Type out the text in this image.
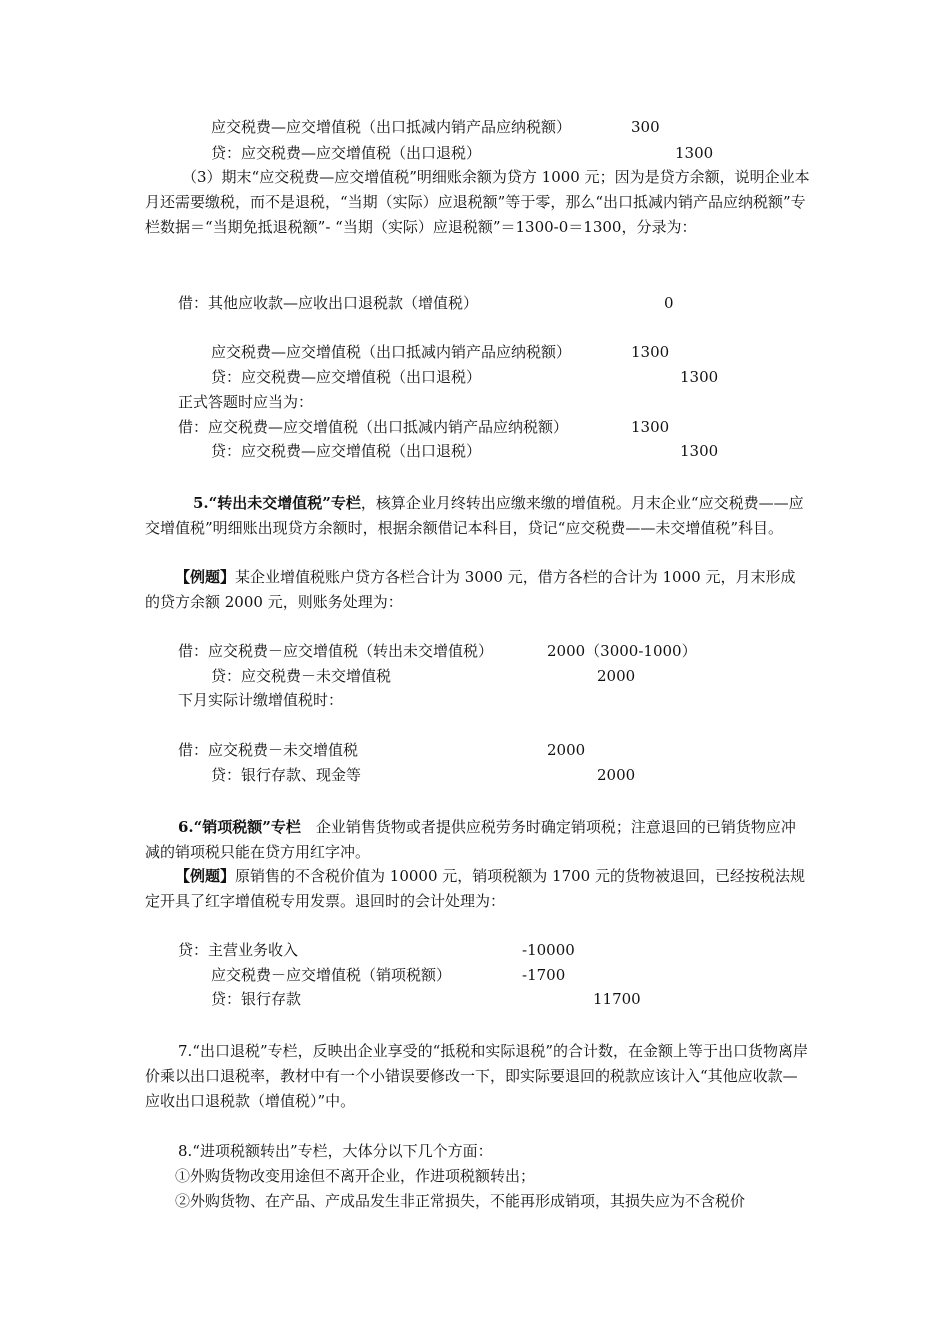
应交税费—应交增值税（出口抵减内销产品应纳税额）	300
贷：应交税费—应交增值税（出口退税）	1300
（3）期末“应交税费—应交增值税”明细账余额为贷方 1000 元；因为是贷方余额，说明企业本月还需要缴税，而不是退税，“当期（实际）应退税额”等于零，那么“出口抵减内销产品应纳税额”专栏数据＝“当期免抵退税额”- “当期（实际）应退税额”＝1300-0＝1300，分录为：
借：其他应收款—应收出口退税款（增值税）	0
应交税费—应交增值税（出口抵减内销产品应纳税额）	1300
贷：应交税费—应交增值税（出口退税）	1300
正式答题时应当为：
借：应交税费—应交增值税（出口抵减内销产品应纳税额）	1300
贷：应交税费—应交增值税（出口退税）	1300
5.“转出未交增值税”专栏，核算企业月终转出应缴来缴的增值税。月末企业“应交税费——应交增值税”明细账出现贷方余额时，根据余额借记本科目，贷记“应交税费——未交增值税”科目。
【例题】某企业增值税账户贷方各栏合计为 3000 元，借方各栏的合计为 1000 元，月末形成的贷方余额 2000 元，则账务处理为：
借：应交税费－应交增值税（转出未交增值税）	2000（3000-1000）
贷：应交税费－未交增值税	2000
下月实际计缴增值税时：
借：应交税费－未交增值税	2000
贷：银行存款、现金等	2000
6.“销项税额”专栏　企业销售货物或者提供应税劳务时确定销项税；注意退回的已销货物应冲减的销项税只能在贷方用红字冲。
【例题】原销售的不含税价值为 10000 元，销项税额为 1700 元的货物被退回，已经按税法规定开具了红字增值税专用发票。退回时的会计处理为：
贷：主营业务收入	-10000
应交税费－应交增值税（销项税额）	-1700
贷：银行存款	11700
7.“出口退税”专栏，反映出企业享受的“抵税和实际退税”的合计数，在金额上等于出口货物离岸价乘以出口退税率，教材中有一个小错误要修改一下，即实际要退回的税款应该计入“其他应收款—应收出口退税款（增值税）”中。
8.“进项税额转出”专栏，大体分以下几个方面：
①外购货物改变用途但不离开企业，作进项税额转出；
②外购货物、在产品、产成品发生非正常损失，不能再形成销项，其损失应为不含税价
